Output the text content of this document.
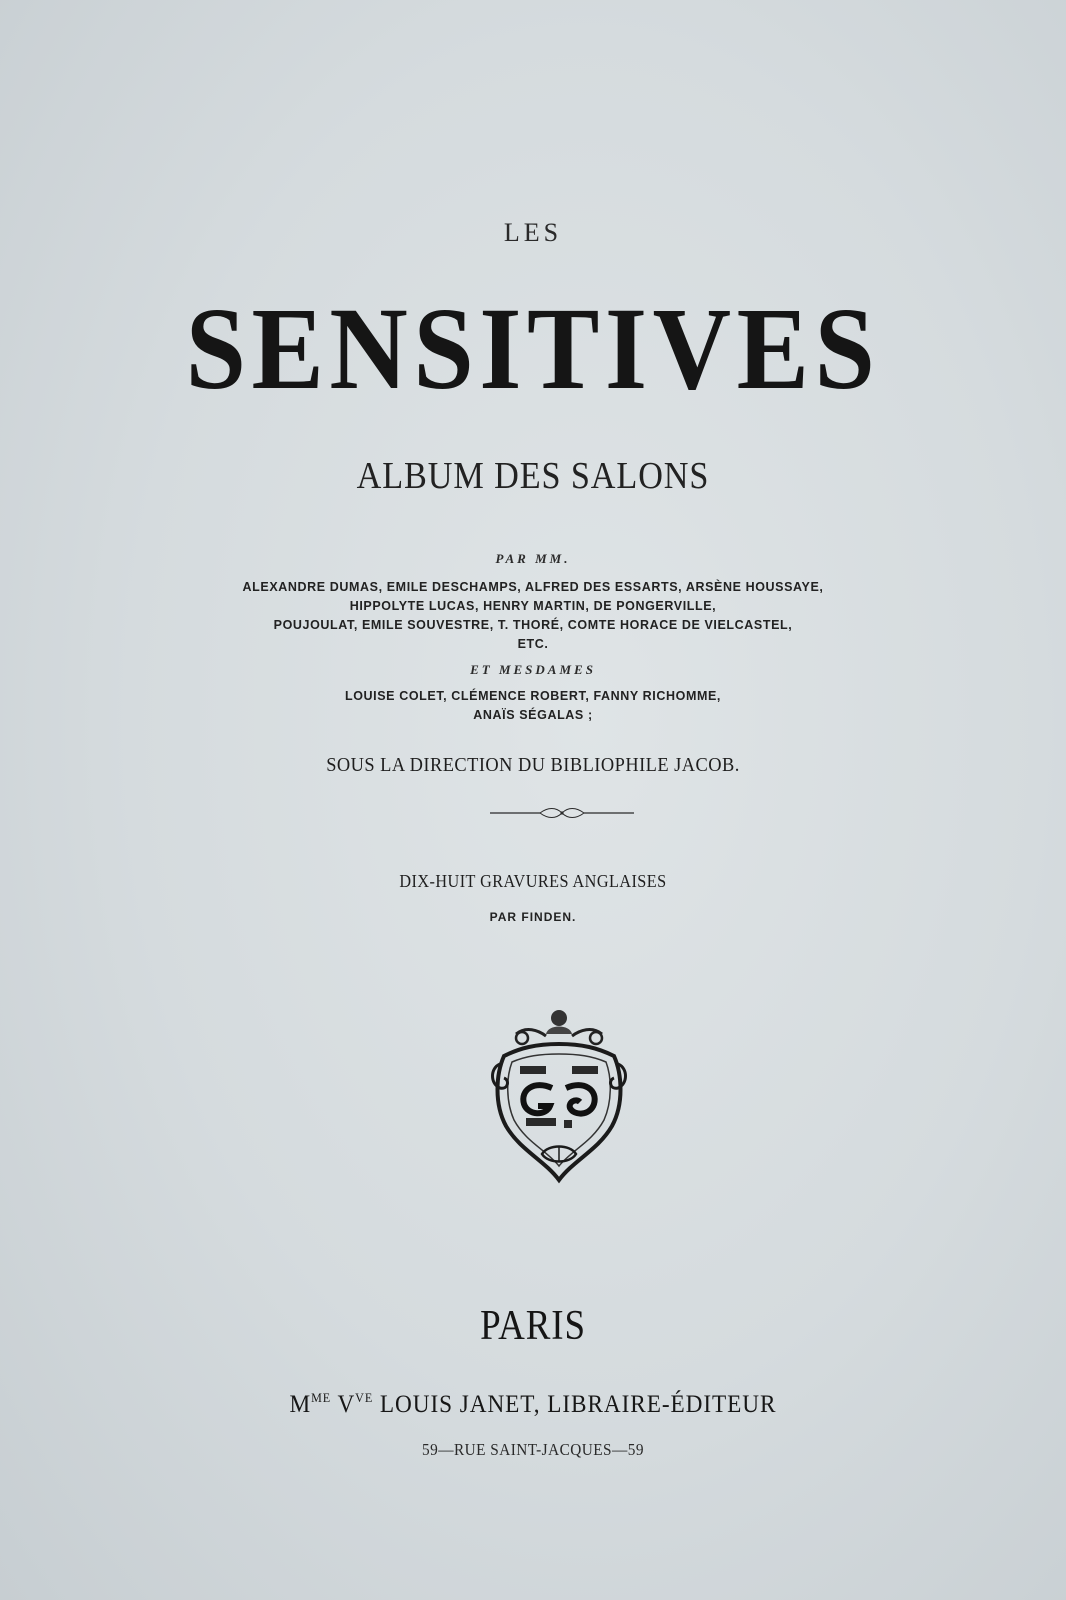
LES
SENSITIVES
ALBUM DES SALONS
PAR MM.
ALEXANDRE DUMAS, EMILE DESCHAMPS, ALFRED DES ESSARTS, ARSÈNE HOUSSAYE,
HIPPOLYTE LUCAS, HENRY MARTIN, DE PONGERVILLE,
POUJOULAT, EMILE SOUVESTRE, T. THORÉ, COMTE HORACE DE VIELCASTEL,
ETC.
ET MESDAMES
LOUISE COLET, CLÉMENCE ROBERT, FANNY RICHOMME,
ANAÏS SÉGALAS ;
SOUS LA DIRECTION DU BIBLIOPHILE JACOB.
DIX-HUIT GRAVURES ANGLAISES
PAR FINDEN.
PARIS
$M^{ME}$ $V^{VE}$ LOUIS JANET, LIBRAIRE-ÉDITEUR
59—RUE SAINT-JACQUES—59
